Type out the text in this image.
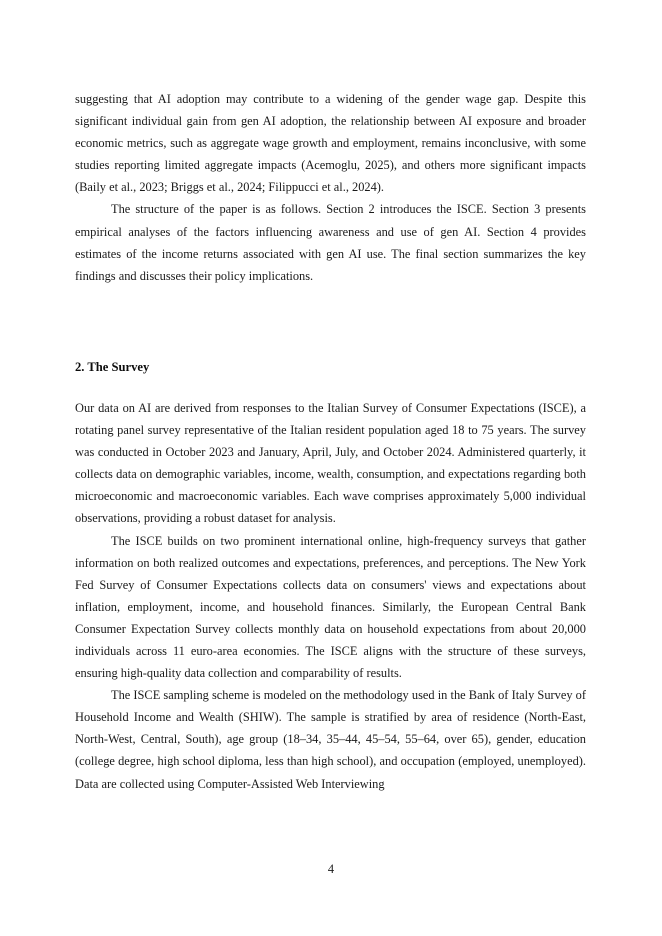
suggesting that AI adoption may contribute to a widening of the gender wage gap. Despite this significant individual gain from gen AI adoption, the relationship between AI exposure and broader economic metrics, such as aggregate wage growth and employment, remains inconclusive, with some studies reporting limited aggregate impacts (Acemoglu, 2025), and others more significant impacts (Baily et al., 2023; Briggs et al., 2024; Filippucci et al., 2024).

The structure of the paper is as follows. Section 2 introduces the ISCE. Section 3 presents empirical analyses of the factors influencing awareness and use of gen AI. Section 4 provides estimates of the income returns associated with gen AI use. The final section summarizes the key findings and discusses their policy implications.

2. The Survey

Our data on AI are derived from responses to the Italian Survey of Consumer Expectations (ISCE), a rotating panel survey representative of the Italian resident population aged 18 to 75 years. The survey was conducted in October 2023 and January, April, July, and October 2024. Administered quarterly, it collects data on demographic variables, income, wealth, consumption, and expectations regarding both microeconomic and macroeconomic variables. Each wave comprises approximately 5,000 individual observations, providing a robust dataset for analysis.

The ISCE builds on two prominent international online, high-frequency surveys that gather information on both realized outcomes and expectations, preferences, and perceptions. The New York Fed Survey of Consumer Expectations collects data on consumers' views and expectations about inflation, employment, income, and household finances. Similarly, the European Central Bank Consumer Expectation Survey collects monthly data on household expectations from about 20,000 individuals across 11 euro-area economies. The ISCE aligns with the structure of these surveys, ensuring high-quality data collection and comparability of results.

The ISCE sampling scheme is modeled on the methodology used in the Bank of Italy Survey of Household Income and Wealth (SHIW). The sample is stratified by area of residence (North-East, North-West, Central, South), age group (18–34, 35–44, 45–54, 55–64, over 65), gender, education (college degree, high school diploma, less than high school), and occupation (employed, unemployed). Data are collected using Computer-Assisted Web Interviewing

4
